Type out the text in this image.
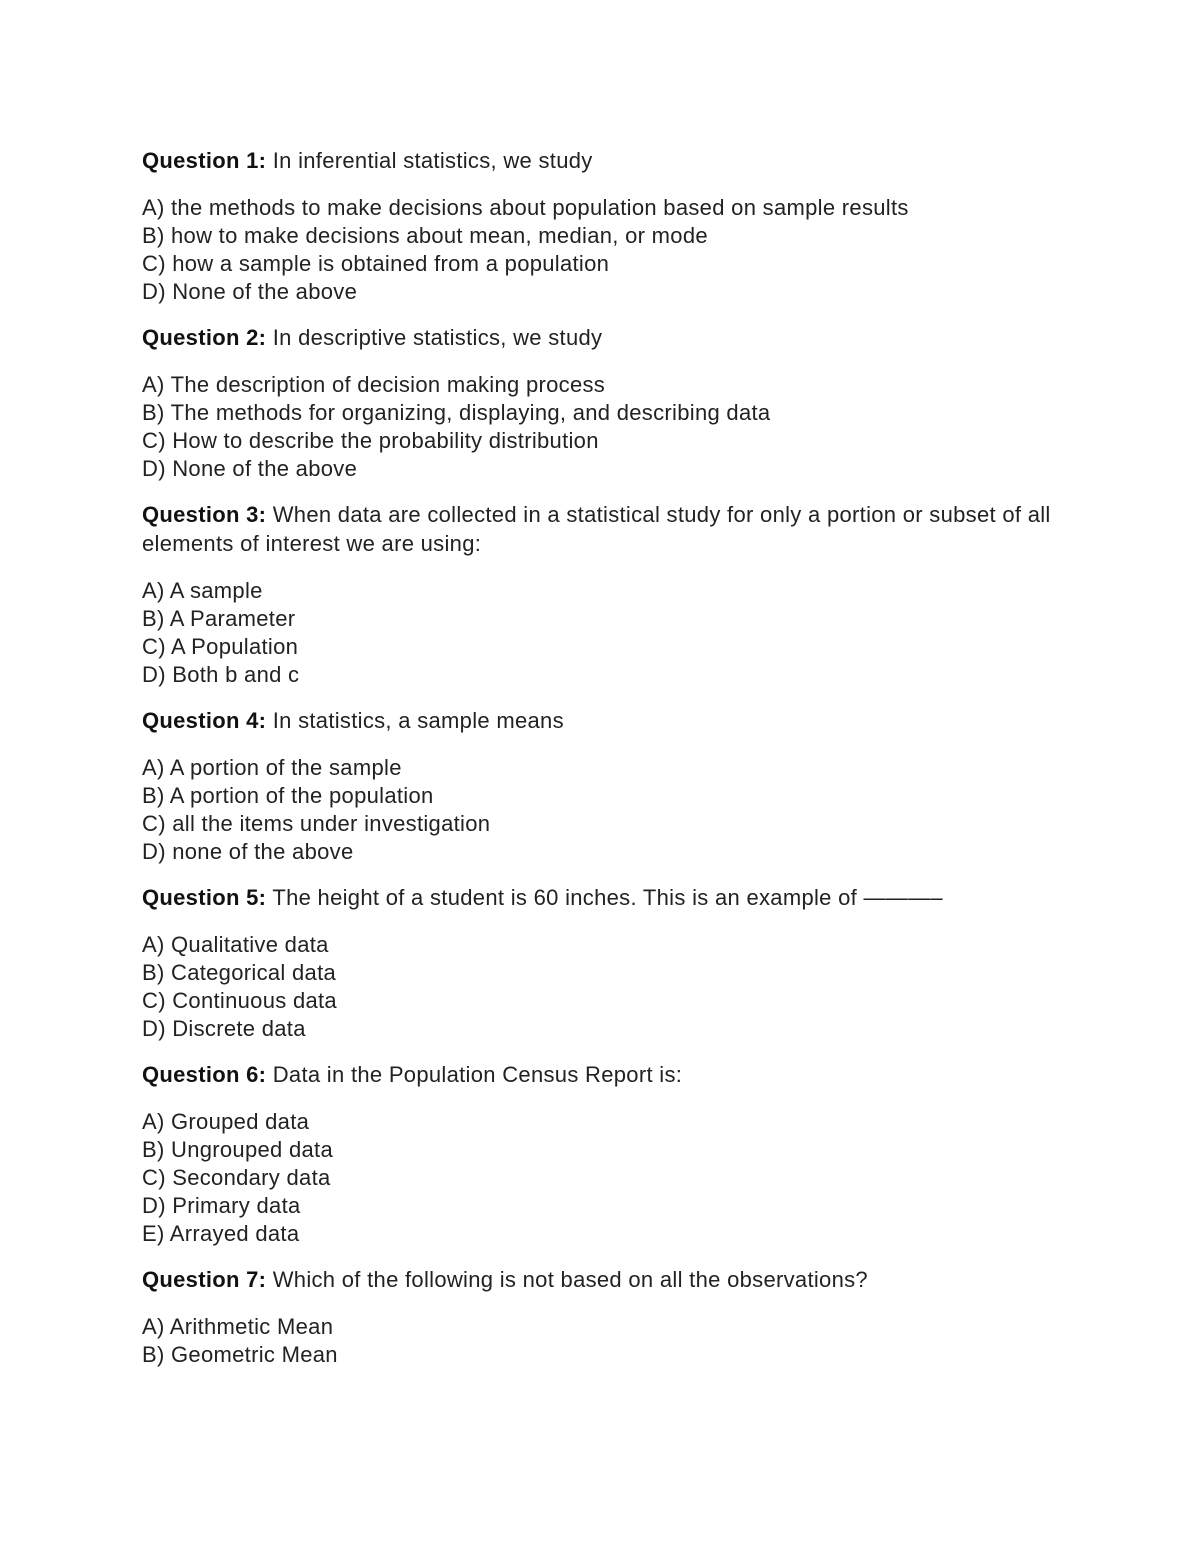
Question 1: In inferential statistics, we study

A) the methods to make decisions about population based on sample results
B) how to make decisions about mean, median, or mode
C) how a sample is obtained from a population
D) None of the above

Question 2: In descriptive statistics, we study

A) The description of decision making process
B) The methods for organizing, displaying, and describing data
C) How to describe the probability distribution
D) None of the above

Question 3: When data are collected in a statistical study for only a portion or subset of all elements of interest we are using:

A) A sample
B) A Parameter
C) A Population
D) Both b and c

Question 4: In statistics, a sample means

A) A portion of the sample
B) A portion of the population
C) all the items under investigation
D) none of the above

Question 5: The height of a student is 60 inches. This is an example of ———–

A) Qualitative data
B) Categorical data
C) Continuous data
D) Discrete data

Question 6: Data in the Population Census Report is:

A) Grouped data
B) Ungrouped data
C) Secondary data
D) Primary data
E) Arrayed data

Question 7: Which of the following is not based on all the observations?

A) Arithmetic Mean
B) Geometric Mean
